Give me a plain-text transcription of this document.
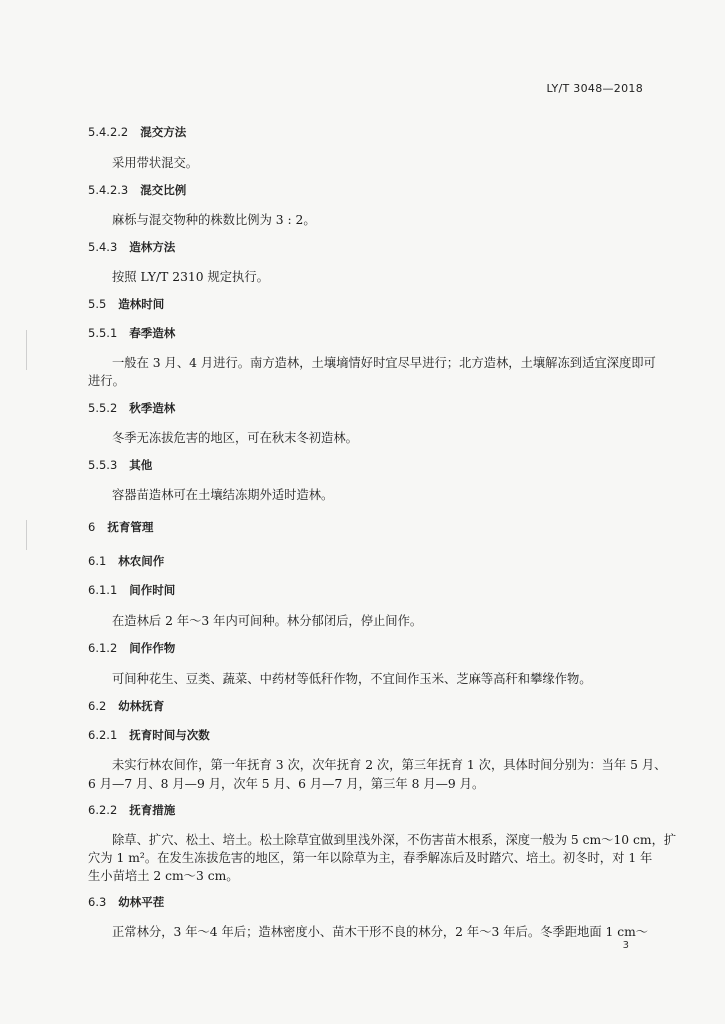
LY/T 3048—2018
5.4.2.2 混交方法
采用带状混交。
5.4.2.3 混交比例
麻栎与混交物种的株数比例为 3 : 2。
5.4.3 造林方法
按照 LY/T 2310 规定执行。
5.5 造林时间
5.5.1 春季造林
一般在 3 月、4 月进行。南方造林，土壤墒情好时宜尽早进行；北方造林，土壤解冻到适宜深度即可
进行。
5.5.2 秋季造林
冬季无冻拔危害的地区，可在秋末冬初造林。
5.5.3 其他
容器苗造林可在土壤结冻期外适时造林。
6 抚育管理
6.1 林农间作
6.1.1 间作时间
在造林后 2 年～3 年内可间种。林分郁闭后，停止间作。
6.1.2 间作作物
可间种花生、豆类、蔬菜、中药材等低秆作物，不宜间作玉米、芝麻等高秆和攀缘作物。
6.2 幼林抚育
6.2.1 抚育时间与次数
未实行林农间作，第一年抚育 3 次，次年抚育 2 次，第三年抚育 1 次，具体时间分别为：当年 5 月、
6 月—7 月、8 月—9 月，次年 5 月、6 月—7 月，第三年 8 月—9 月。
6.2.2 抚育措施
除草、扩穴、松土、培土。松土除草宜做到里浅外深，不伤害苗木根系，深度一般为 5 cm～10 cm，扩
穴为 1 m²。在发生冻拔危害的地区，第一年以除草为主，春季解冻后及时踏穴、培土。初冬时，对 1 年
生小苗培土 2 cm～3 cm。
6.3 幼林平茬
正常林分，3 年～4 年后；造林密度小、苗木干形不良的林分，2 年～3 年后。冬季距地面 1 cm～
3
